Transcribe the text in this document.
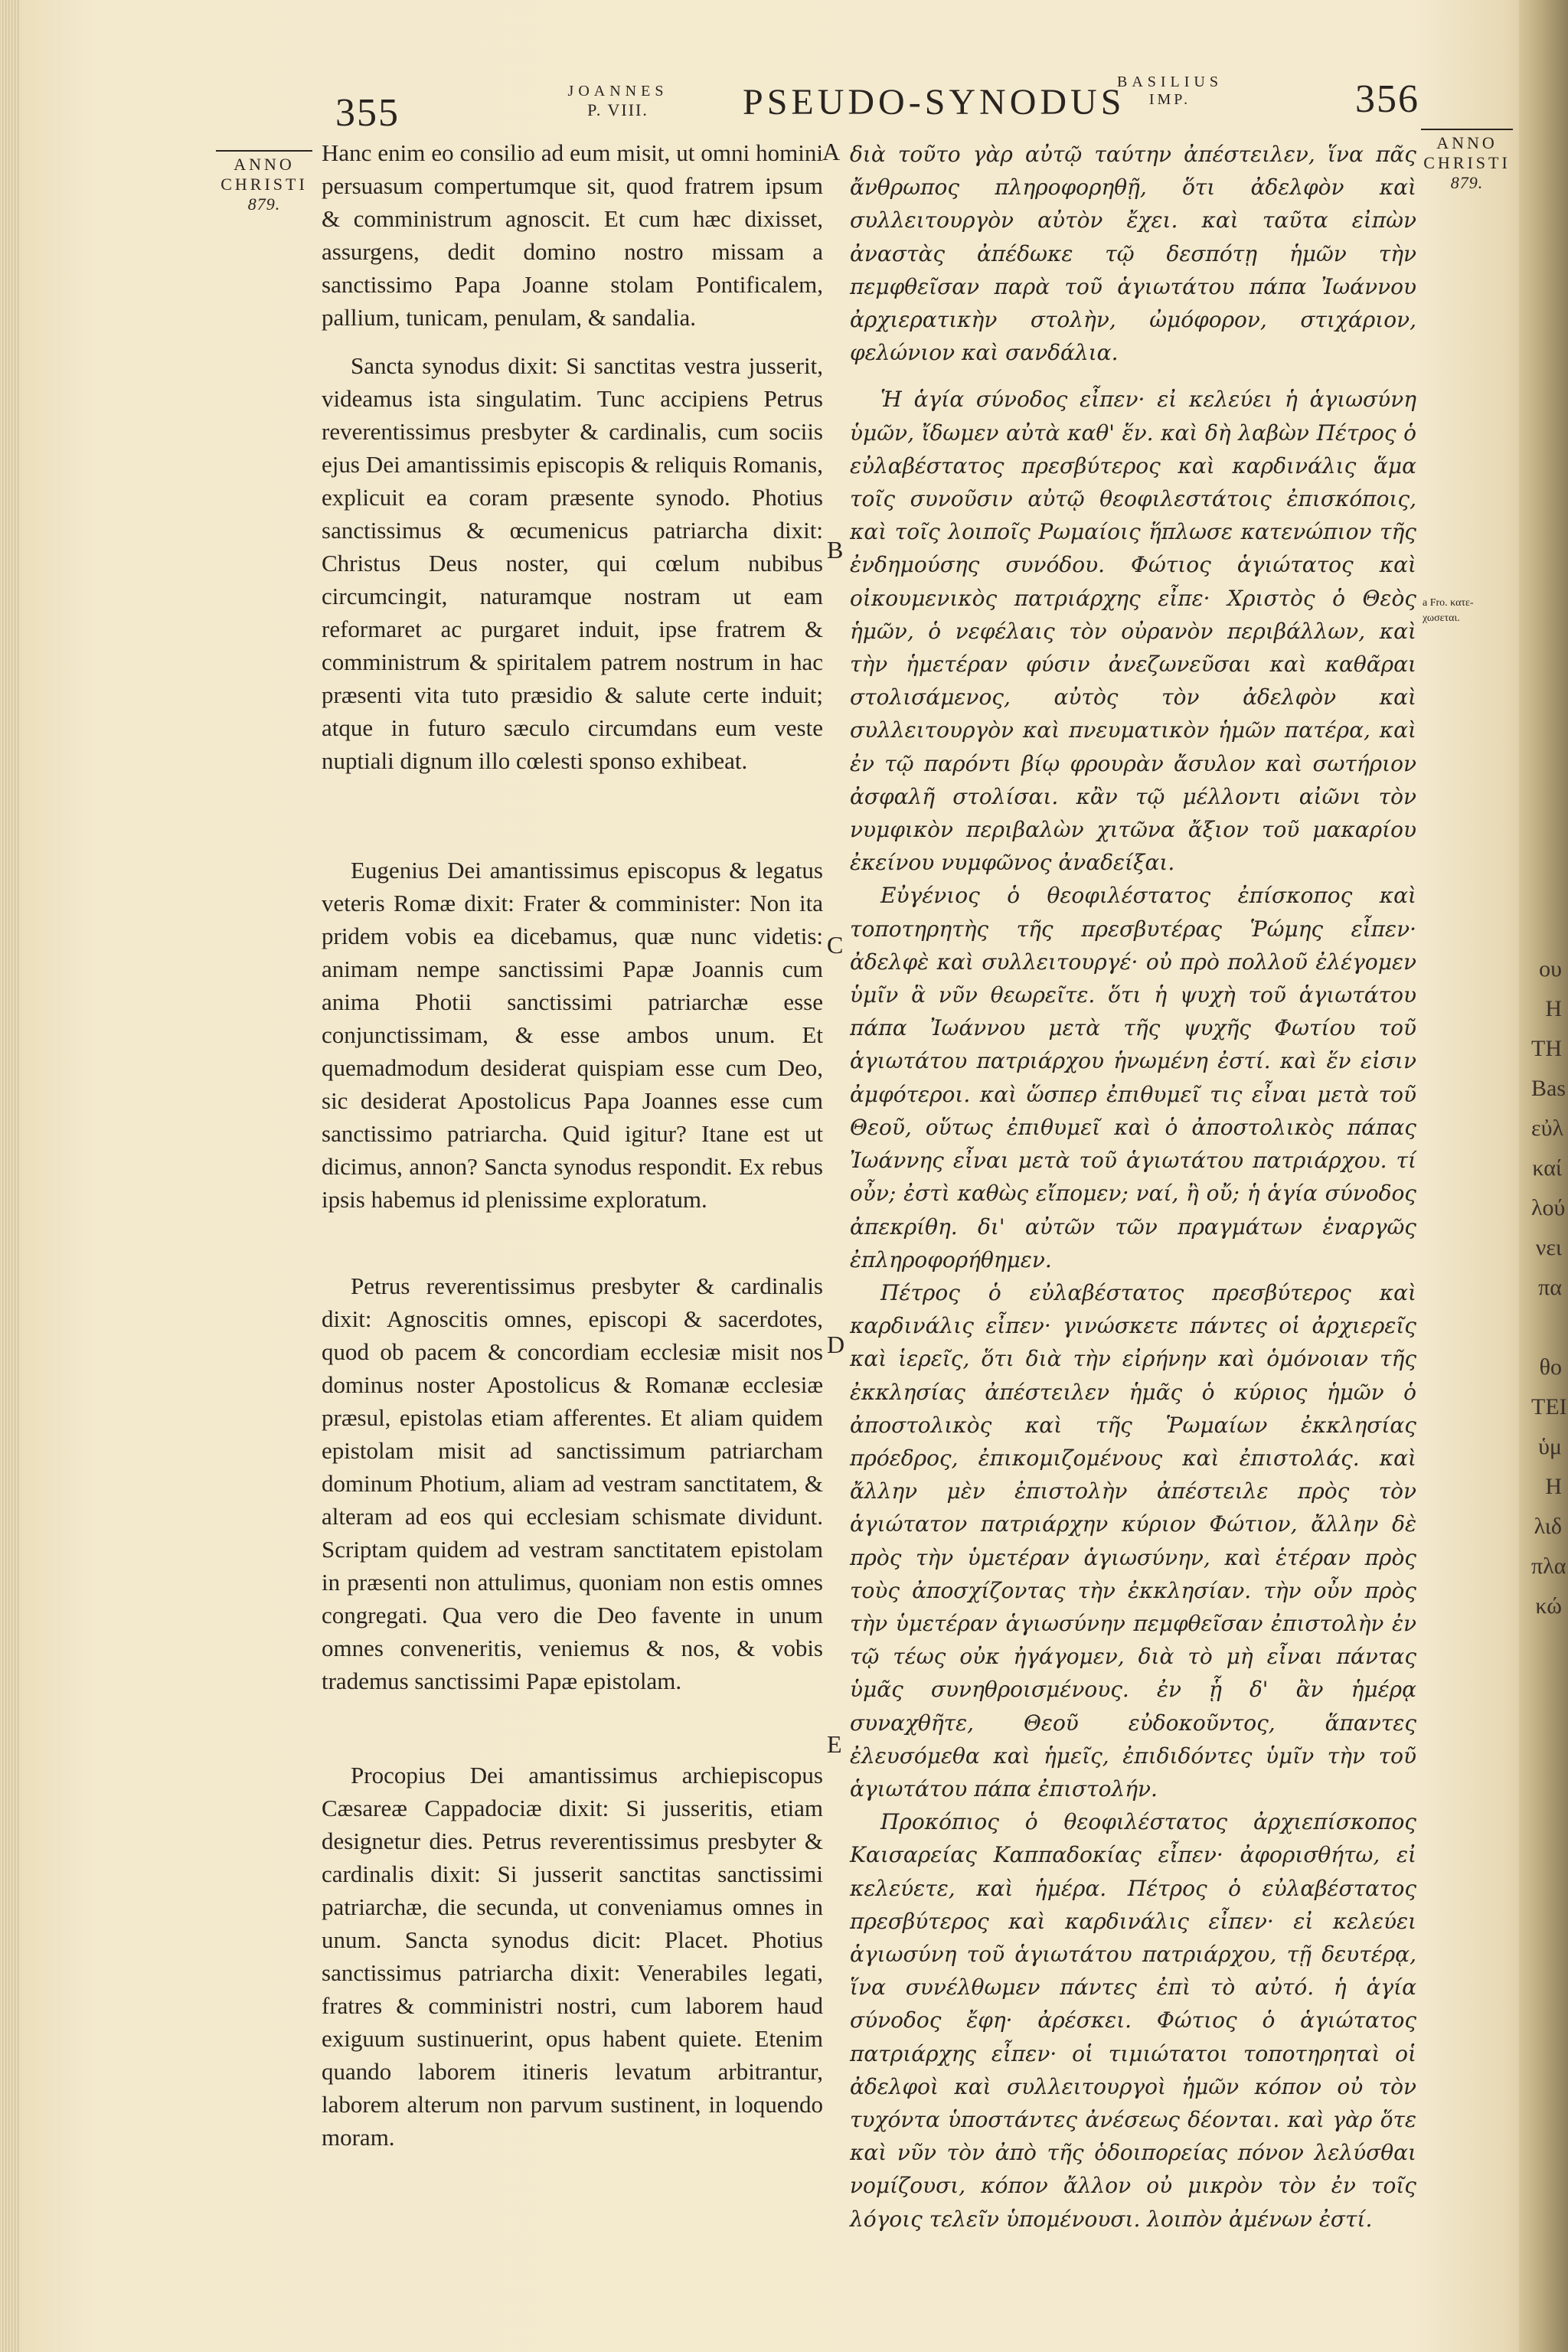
ου
H
TH
Bas
εὐλ
καί
λού
νει
πα

θο
TEI
ὑμ
H
λιδ
πλα
κώ
355	JOANNES
P. VIII.	PSEUDO-SYNODUS
BASILIUS
IMP.	356
ANNO
CHRISTI
879.
ANNO
CHRISTI
879.
a Fro. κατε-χωσεται.
A
B
C
D
E

Hanc enim eo consilio ad eum misit, ut omni homini persuasum compertumque sit, quod fratrem ipsum & comministrum agnoscit. Et cum hæc dixisset, assurgens, dedit domino nostro missam a sanctissimo Papa Joanne stolam Pontificalem, pallium, tunicam, penulam, & sandalia.

Sancta synodus dixit: Si sanctitas vestra jusserit, videamus ista singulatim. Tunc accipiens Petrus reverentissimus presbyter & cardinalis, cum sociis ejus Dei amantissimis episcopis & reliquis Romanis, explicuit ea coram præsente synodo. Photius sanctissimus & œcumenicus patriarcha dixit: Christus Deus noster, qui cœlum nubibus circumcingit, naturamque nostram ut eam reformaret ac purgaret induit, ipse fratrem & comministrum & spiritalem patrem nostrum in hac præsenti vita tuto præsidio & salute certe induit; atque in futuro sæculo circumdans eum veste nuptiali dignum illo cœlesti sponso exhibeat.

Eugenius Dei amantissimus episcopus & legatus veteris Romæ dixit: Frater & comminister: Non ita pridem vobis ea dicebamus, quæ nunc videtis: animam nempe sanctissimi Papæ Joannis cum anima Photii sanctissimi patriarchæ esse conjunctissimam, & esse ambos unum. Et quemadmodum desiderat quispiam esse cum Deo, sic desiderat Apostolicus Papa Joannes esse cum sanctissimo patriarcha. Quid igitur? Itane est ut dicimus, annon? Sancta synodus respondit. Ex rebus ipsis habemus id plenissime exploratum.

Petrus reverentissimus presbyter & cardinalis dixit: Agnoscitis omnes, episcopi & sacerdotes, quod ob pacem & concordiam ecclesiæ misit nos dominus noster Apostolicus & Romanæ ecclesiæ præsul, epistolas etiam afferentes. Et aliam quidem epistolam misit ad sanctissimum patriarcham dominum Photium, aliam ad vestram sanctitatem, & alteram ad eos qui ecclesiam schismate dividunt. Scriptam quidem ad vestram sanctitatem epistolam in præsenti non attulimus, quoniam non estis omnes congregati. Qua vero die Deo favente in unum omnes conveneritis, veniemus & nos, & vobis trademus sanctissimi Papæ epistolam.

Procopius Dei amantissimus archiepiscopus Cæsareæ Cappadociæ dixit: Si jusseritis, etiam designetur dies. Petrus reverentissimus presbyter & cardinalis dixit: Si jusserit sanctitas sanctissimi patriarchæ, die secunda, ut conveniamus omnes in unum. Sancta synodus dicit: Placet. Photius sanctissimus patriarcha dixit: Venerabiles legati, fratres & comministri nostri, cum laborem haud exiguum sustinuerint, opus habent quiete. Etenim quando laborem itineris levatum arbitrantur, laborem alterum non parvum sustinent, in loquendo moram.

διὰ τοῦτο γὰρ αὐτῷ ταύτην ἀπέστειλεν, ἵνα πᾶς ἄνθρωπος πληροφορηθῇ, ὅτι ἀδελφὸν καὶ συλλειτουργὸν αὐτὸν ἔχει. καὶ ταῦτα εἰπὼν ἀναστὰς ἀπέδωκε τῷ δεσπότῃ ἡμῶν τὴν πεμφθεῖσαν παρὰ τοῦ ἁγιωτάτου πάπα Ἰωάννου ἀρχιερατικὴν στολὴν, ὠμόφορον, στιχάριον, φελώνιον καὶ σανδάλια.

Ἡ ἁγία σύνοδος εἶπεν· εἰ κελεύει ἡ ἁγιωσύνη ὑμῶν, ἴδωμεν αὐτὰ καθ' ἕν. καὶ δὴ λαβὼν Πέτρος ὁ εὐλαβέστατος πρεσβύτερος καὶ καρδινάλις ἅμα τοῖς συνοῦσιν αὐτῷ θεοφιλεστάτοις ἐπισκόποις, καὶ τοῖς λοιποῖς Ρωμαίοις ἥπλωσε κατενώπιον τῆς ἐνδημούσης συνόδου. Φώτιος ἁγιώτατος καὶ οἰκουμενικὸς πατριάρχης εἶπε· Χριστὸς ὁ Θεὸς ἡμῶν, ὁ νεφέλαις τὸν οὐρανὸν περιβάλλων, καὶ τὴν ἡμετέραν φύσιν ἀνεζωνεῦσαι καὶ καθᾶραι στολισάμενος, αὐτὸς τὸν ἀδελφὸν καὶ συλλειτουργὸν καὶ πνευματικὸν ἡμῶν πατέρα, καὶ ἐν τῷ παρόντι βίῳ φρουρὰν ἄσυλον καὶ σωτήριον ἀσφαλῆ στολίσαι. κἂν τῷ μέλλοντι αἰῶνι τὸν νυμφικὸν περιβαλὼν χιτῶνα ἄξιον τοῦ μακαρίου ἐκείνου νυμφῶνος ἀναδείξαι.

Εὐγένιος ὁ θεοφιλέστατος ἐπίσκοπος καὶ τοποτηρητὴς τῆς πρεσβυτέρας Ῥώμης εἶπεν· ἀδελφὲ καὶ συλλειτουργέ· οὐ πρὸ πολλοῦ ἐλέγομεν ὑμῖν ἃ νῦν θεωρεῖτε. ὅτι ἡ ψυχὴ τοῦ ἁγιωτάτου πάπα Ἰωάννου μετὰ τῆς ψυχῆς Φωτίου τοῦ ἁγιωτάτου πατριάρχου ἡνωμένη ἐστί. καὶ ἕν εἰσιν ἀμφότεροι. καὶ ὥσπερ ἐπιθυμεῖ τις εἶναι μετὰ τοῦ Θεοῦ, οὕτως ἐπιθυμεῖ καὶ ὁ ἀποστολικὸς πάπας Ἰωάννης εἶναι μετὰ τοῦ ἁγιωτάτου πατριάρχου. τί οὖν; ἐστὶ καθὼς εἴπομεν; ναί, ἢ οὔ; ἡ ἁγία σύνοδος ἀπεκρίθη. δι' αὐτῶν τῶν πραγμάτων ἐναργῶς ἐπληροφορήθημεν.

Πέτρος ὁ εὐλαβέστατος πρεσβύτερος καὶ καρδινάλις εἶπεν· γινώσκετε πάντες οἱ ἀρχιερεῖς καὶ ἱερεῖς, ὅτι διὰ τὴν εἰρήνην καὶ ὁμόνοιαν τῆς ἐκκλησίας ἀπέστειλεν ἡμᾶς ὁ κύριος ἡμῶν ὁ ἀποστολικὸς καὶ τῆς Ῥωμαίων ἐκκλησίας πρόεδρος, ἐπικομιζομένους καὶ ἐπιστολάς. καὶ ἄλλην μὲν ἐπιστολὴν ἀπέστειλε πρὸς τὸν ἁγιώτατον πατριάρχην κύριον Φώτιον, ἄλλην δὲ πρὸς τὴν ὑμετέραν ἁγιωσύνην, καὶ ἑτέραν πρὸς τοὺς ἀποσχίζοντας τὴν ἐκκλησίαν. τὴν οὖν πρὸς τὴν ὑμετέραν ἁγιωσύνην πεμφθεῖσαν ἐπιστολὴν ἐν τῷ τέως οὐκ ἠγάγομεν, διὰ τὸ μὴ εἶναι πάντας ὑμᾶς συνηθροισμένους. ἐν ᾗ δ' ἂν ἡμέρᾳ συναχθῆτε, Θεοῦ εὐδοκοῦντος, ἅπαντες ἐλευσόμεθα καὶ ἡμεῖς, ἐπιδιδόντες ὑμῖν τὴν τοῦ ἁγιωτάτου πάπα ἐπιστολήν.

Προκόπιος ὁ θεοφιλέστατος ἀρχιεπίσκοπος Καισαρείας Καππαδοκίας εἶπεν· ἀφορισθήτω, εἰ κελεύετε, καὶ ἡμέρα. Πέτρος ὁ εὐλαβέστατος πρεσβύτερος καὶ καρδινάλις εἶπεν· εἰ κελεύει ἁγιωσύνη τοῦ ἁγιωτάτου πατριάρχου, τῇ δευτέρᾳ, ἵνα συνέλθωμεν πάντες ἐπὶ τὸ αὐτό. ἡ ἁγία σύνοδος ἔφη· ἀρέσκει. Φώτιος ὁ ἁγιώτατος πατριάρχης εἶπεν· οἱ τιμιώτατοι τοποτηρηταὶ οἱ ἀδελφοὶ καὶ συλλειτουργοὶ ἡμῶν κόπον οὐ τὸν τυχόντα ὑποστάντες ἀνέσεως δέονται. καὶ γὰρ ὅτε καὶ νῦν τὸν ἀπὸ τῆς ὁδοιπορείας πόνον λελύσθαι νομίζουσι, κόπον ἄλλον οὐ μικρὸν τὸν ἐν τοῖς λόγοις τελεῖν ὑπομένουσι. λοιπὸν ἀμένων ἐστί.
